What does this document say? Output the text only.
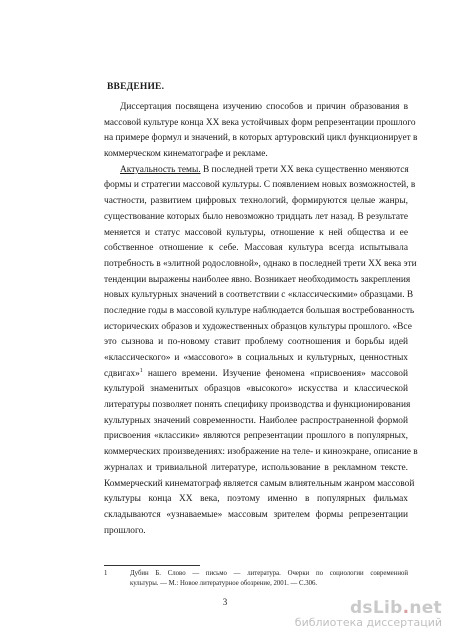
ВВЕДЕНИЕ.
Диссертация посвящена изучению способов и причин образования в
массовой культуре конца XX века устойчивых форм репрезентации прошлого
на примере формул и значений, в которых артуровский цикл функционирует в
коммерческом кинематографе и рекламе.
Актуальность темы. В последней трети XX века существенно меняются
формы и стратегии массовой культуры. С появлением новых возможностей, в
частности, развитием цифровых технологий, формируются целые жанры,
существование которых было невозможно тридцать лет назад. В результате
меняется и статус массовой культуры, отношение к ней общества и ее
собственное отношение к себе. Массовая культура всегда испытывала
потребность в «элитной родословной», однако в последней трети XX века эти
тенденции выражены наиболее явно. Возникает необходимость закрепления
новых культурных значений в соответствии с «классическими» образцами. В
последние годы в массовой культуре наблюдается большая востребованность
исторических образов и художественных образцов культуры прошлого. «Все
это сызнова и по-новому ставит проблему соотношения и борьбы идей
«классического» и «массового» в социальных и культурных, ценностных
сдвигах»$^1$ нашего времени. Изучение феномена «присвоения» массовой
культурой знаменитых образцов «высокого» искусства и классической
литературы позволяет понять специфику производства и функционирования
культурных значений современности. Наиболее распространенной формой
присвоения «классики» являются репрезентации прошлого в популярных,
коммерческих произведениях: изображение на теле- и киноэкране, описание в
журналах и тривиальной литературе, использование в рекламном тексте.
Коммерческий кинематограф является самым влиятельным жанром массовой
культуры конца XX века, поэтому именно в популярных фильмах
складываются «узнаваемые» массовым зрителем формы репрезентации
прошлого.
1	Дубин Б. Слово — письмо — литература. Очерки по социологии современной
культуры. — М.: Новое литературное обозрение, 2001. — С.306.
3	dsLib.net
библиотека диссертаций
